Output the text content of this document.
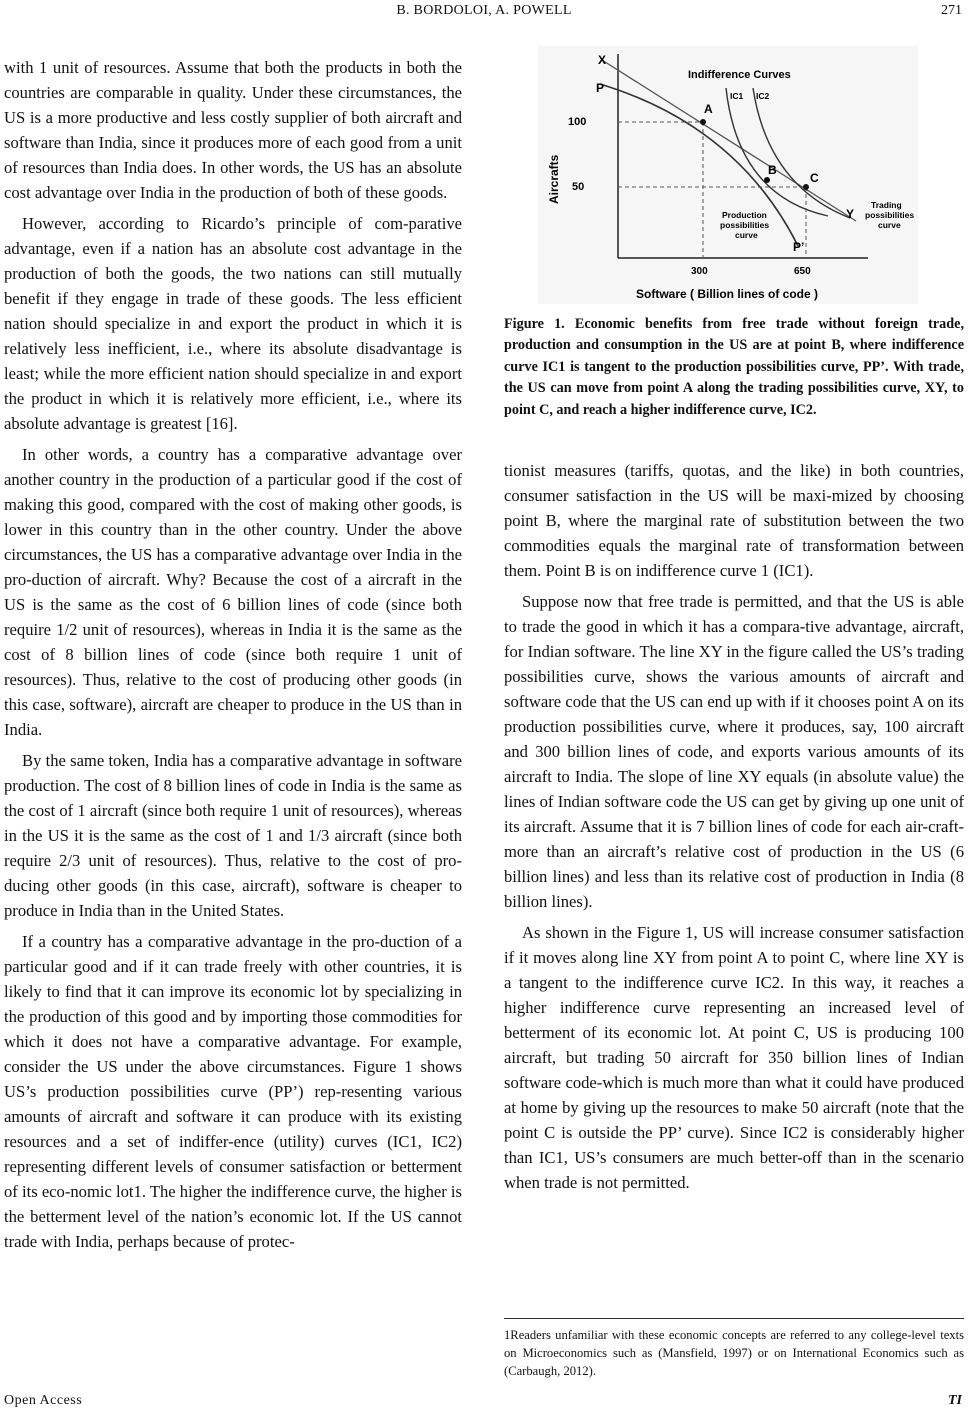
B. BORDOLOI, A. POWELL	271

with 1 unit of resources. Assume that both the products in both the countries are comparable in quality. Under these circumstances, the US is a more productive and less costly supplier of both aircraft and software than India, since it produces more of each good from a unit of resources than India does. In other words, the US has an absolute cost advantage over India in the production of both of these goods.

However, according to Ricardo’s principle of com-parative advantage, even if a nation has an absolute cost advantage in the production of both the goods, the two nations can still mutually benefit if they engage in trade of these goods. The less efficient nation should specialize in and export the product in which it is relatively less inefficient, i.e., where its absolute disadvantage is least; while the more efficient nation should specialize in and export the product in which it is relatively more efficient, i.e., where its absolute advantage is greatest [16].

In other words, a country has a comparative advantage over another country in the production of a particular good if the cost of making this good, compared with the cost of making other goods, is lower in this country than in the other country. Under the above circumstances, the US has a comparative advantage over India in the pro-duction of aircraft. Why? Because the cost of a aircraft in the US is the same as the cost of 6 billion lines of code (since both require 1/2 unit of resources), whereas in India it is the same as the cost of 8 billion lines of code (since both require 1 unit of resources). Thus, relative to the cost of producing other goods (in this case, software), aircraft are cheaper to produce in the US than in India.

By the same token, India has a comparative advantage in software production. The cost of 8 billion lines of code in India is the same as the cost of 1 aircraft (since both require 1 unit of resources), whereas in the US it is the same as the cost of 1 and 1/3 aircraft (since both require 2/3 unit of resources). Thus, relative to the cost of pro-ducing other goods (in this case, aircraft), software is cheaper to produce in India than in the United States.

If a country has a comparative advantage in the pro-duction of a particular good and if it can trade freely with other countries, it is likely to find that it can improve its economic lot by specializing in the production of this good and by importing those commodities for which it does not have a comparative advantage. For example, consider the US under the above circumstances. Figure 1 shows US’s production possibilities curve (PP’) rep-resenting various amounts of aircraft and software it can produce with its existing resources and a set of indiffer-ence (utility) curves (IC1, IC2) representing different levels of consumer satisfaction or betterment of its eco-nomic lot1. The higher the indifference curve, the higher is the betterment level of the nation’s economic lot. If the US cannot trade with India, perhaps because of protec-

Indifference Curves
IC1 IC2
X
P
P’
Y
A
B
C
100
50
300	650
Aircrafts
Software ( Billion lines of code )
Production possibilities curve
Trading possibilities curve
Figure 1. Economic benefits from free trade without foreign trade, production and consumption in the US are at point B, where indifference curve IC1 is tangent to the production possibilities curve, PP’. With trade, the US can move from point A along the trading possibilities curve, XY, to point C, and reach a higher indifference curve, IC2.

tionist measures (tariffs, quotas, and the like) in both countries, consumer satisfaction in the US will be maxi-mized by choosing point B, where the marginal rate of substitution between the two commodities equals the marginal rate of transformation between them. Point B is on indifference curve 1 (IC1).

Suppose now that free trade is permitted, and that the US is able to trade the good in which it has a compara-tive advantage, aircraft, for Indian software. The line XY in the figure called the US’s trading possibilities curve, shows the various amounts of aircraft and software code that the US can end up with if it chooses point A on its production possibilities curve, where it produces, say, 100 aircraft and 300 billion lines of code, and exports various amounts of its aircraft to India. The slope of line XY equals (in absolute value) the lines of Indian software code the US can get by giving up one unit of its aircraft. Assume that it is 7 billion lines of code for each air-craft-more than an aircraft’s relative cost of production in the US (6 billion lines) and less than its relative cost of production in India (8 billion lines).

As shown in the Figure 1, US will increase consumer satisfaction if it moves along line XY from point A to point C, where line XY is a tangent to the indifference curve IC2. In this way, it reaches a higher indifference curve representing an increased level of betterment of its economic lot. At point C, US is producing 100 aircraft, but trading 50 aircraft for 350 billion lines of Indian software code-which is much more than what it could have produced at home by giving up the resources to make 50 aircraft (note that the point C is outside the PP’ curve). Since IC2 is considerably higher than IC1, US’s consumers are much better-off than in the scenario when trade is not permitted.

1Readers unfamiliar with these economic concepts are referred to any college-level texts on Microeconomics such as (Mansfield, 1997) or on International Economics such as (Carbaugh, 2012).
Open Access	TI
